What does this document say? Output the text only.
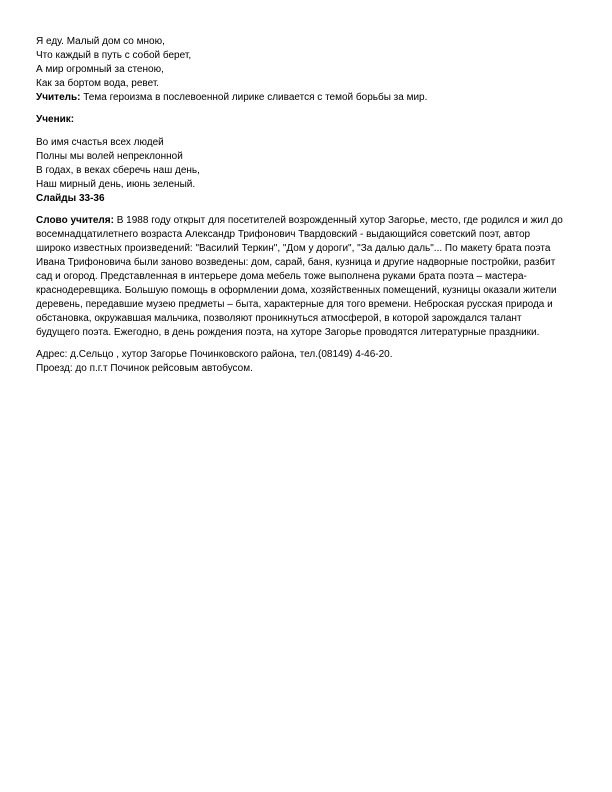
Я еду. Малый дом со мною,
Что каждый в путь с собой берет,
А мир огромный за стеною,
Как за бортом вода, ревет.
Учитель: Тема героизма в послевоенной лирике сливается с темой борьбы за мир.
Ученик:
Во имя счастья всех людей
Полны мы волей непреклонной
В годах, в веках сберечь наш день,
Наш мирный день, июнь зеленый.
Слайды 33-36
Слово учителя: В 1988 году открыт для посетителей возрожденный хутор Загорье, место, где родился и жил до
восемнадцатилетнего возраста Александр Трифонович Твардовский - выдающийся советский поэт, автор
широко известных произведений: "Василий Теркин", "Дом у дороги", "За далью даль"... По макету брата поэта
Ивана Трифоновича были заново возведены: дом, сарай, баня, кузница и другие надворные постройки, разбит
сад и огород. Представленная в интерьере дома мебель тоже выполнена руками брата поэта – мастера-
краснодеревщика. Большую помощь в оформлении дома, хозяйственных помещений, кузницы оказали жители
деревень, передавшие музею предметы – быта, характерные для того времени. Неброская русская природа и
обстановка, окружавшая мальчика, позволяют проникнуться атмосферой, в которой зарождался талант
будущего поэта. Ежегодно, в день рождения поэта, на хуторе Загорье проводятся литературные праздники.
Адрес: д.Сельцо , хутор Загорье Починковского района, тел.(08149) 4-46-20.
Проезд: до п.г.т Починок рейсовым автобусом.
